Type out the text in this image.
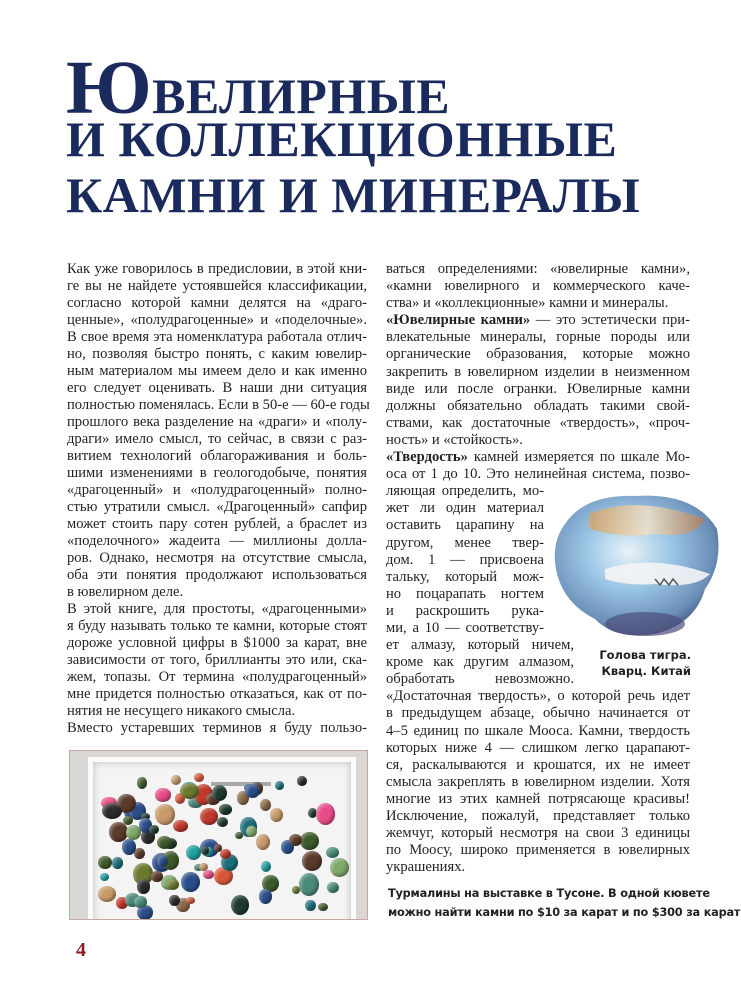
ЮВЕЛИРНЫЕ
И КОЛЛЕКЦИОННЫЕ
КАМНИ И МИНЕРАЛЫ
Как уже говорилось в предисловии, в этой кни-
ге вы не найдете устоявшейся классификации,
согласно которой камни делятся на «драго-
ценные», «полудрагоценные» и «поделочные».
В свое время эта номенклатура работала отлич-
но, позволяя быстро понять, с каким ювелир-
ным материалом мы имеем дело и как именно
его следует оценивать. В наши дни ситуация
полностью поменялась. Если в 50-е — 60-е годы
прошлого века разделение на «драги» и «полу-
драги» имело смысл, то сейчас, в связи с раз-
витием технологий облагораживания и боль-
шими изменениями в геологодобыче, понятия
«драгоценный» и «полудрагоценный» полно-
стью утратили смысл. «Драгоценный» сапфир
может стоить пару сотен рублей, а браслет из
«поделочного» жадеита — миллионы долла-
ров. Однако, несмотря на отсутствие смысла,
оба эти понятия продолжают использоваться
в ювелирном деле.
В этой книге, для простоты, «драгоценными»
я буду называть только те камни, которые стоят
дороже условной цифры в $1000 за карат, вне
зависимости от того, бриллианты это или, ска-
жем, топазы. От термина «полудрагоценный»
мне придется полностью отказаться, как от по-
нятия не несущего никакого смысла.
Вместо устаревших терминов я буду пользо-
ваться определениями: «ювелирные камни»,
«камни ювелирного и коммерческого каче-
ства» и «коллекционные» камни и минералы.
«Ювелирные камни» — это эстетически при-
влекательные минералы, горные породы или
органические образования, которые можно
закрепить в ювелирном изделии в неизменном
виде или после огранки. Ювелирные камни
должны обязательно обладать такими свой-
ствами, как достаточные «твердость», «проч-
ность» и «стойкость».
«Твердость» камней измеряется по шкале Мо-
оса от 1 до 10. Это нелинейная система, позво-
ляющая определить, мо-
жет ли один материал
оставить царапину на
другом, менее твер-
дом. 1 — присвоена
тальку, который мож-
но поцарапать ногтем
и раскрошить рука-
ми, а 10 — соответству-
ет алмазу, который ничем,
кроме как другим алмазом,
обработать невозможно.
«Достаточная твердость», о которой речь идет
в предыдущем абзаце, обычно начинается от
4–5 единиц по шкале Мооса. Камни, твердость
которых ниже 4 — слишком легко царапают-
ся, раскалываются и крошатся, их не имеет
смысла закреплять в ювелирном изделии. Хотя
многие из этих камней потрясающе красивы!
Исключение, пожалуй, представляет только
жемчуг, который несмотря на свои 3 единицы
по Моосу, широко применяется в ювелирных
украшениях.
Голова тигра.
Кварц. Китай
Турмалины на выставке в Тусоне. В одной кювете
можно найти камни по $10 за карат и по $300 за карат
4
